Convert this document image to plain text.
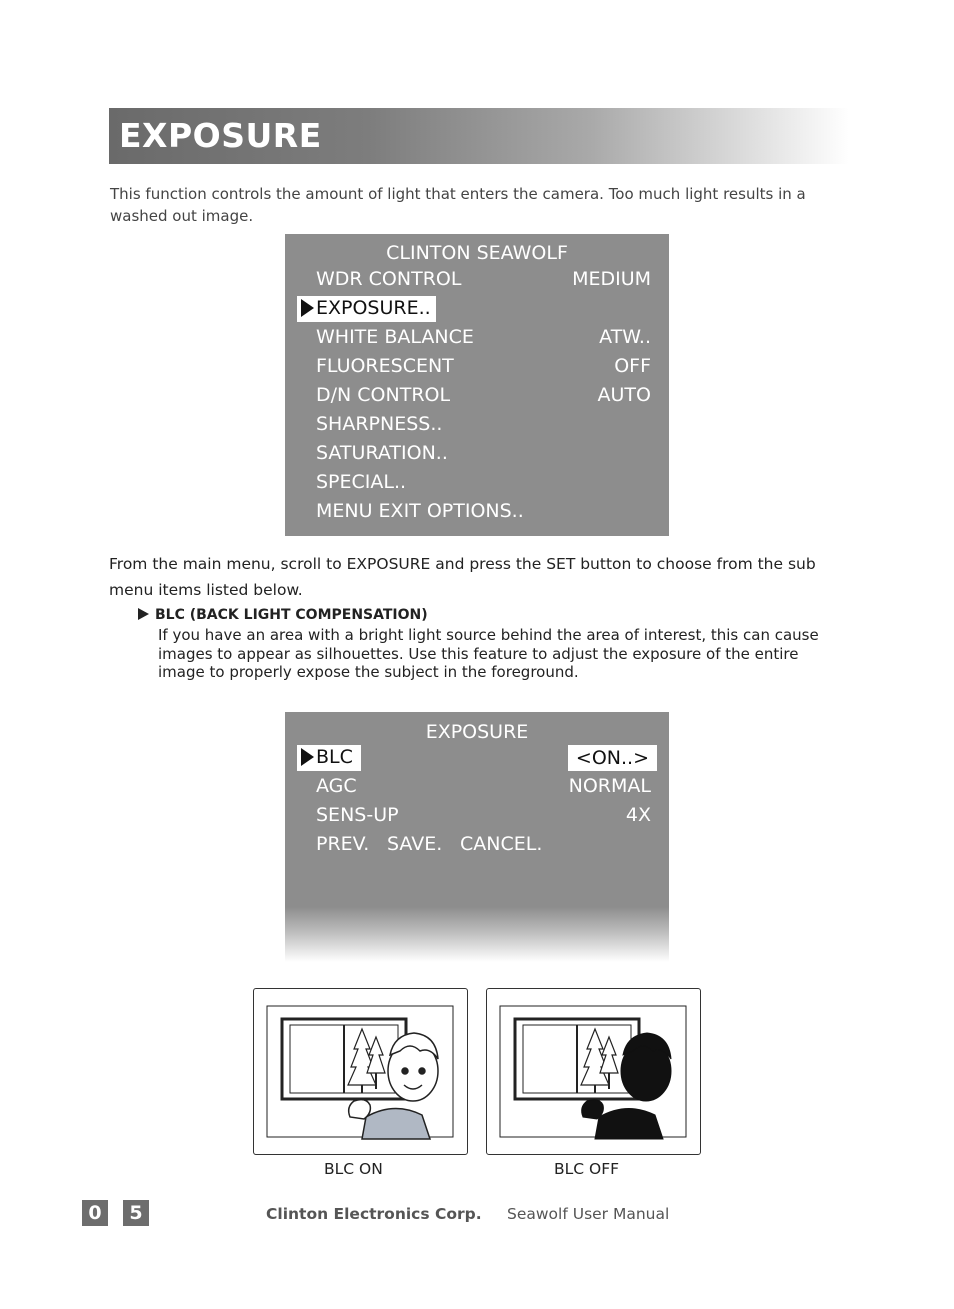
EXPOSURE
This function controls the amount of light that enters the camera. Too much light results in a washed out image.
CLINTON SEAWOLF
WDR CONTROL	MEDIUM
EXPOSURE..
WHITE BALANCE	ATW..
FLUORESCENT	OFF
D/N CONTROL	AUTO
SHARPNESS..
SATURATION..
SPECIAL..
MENU EXIT OPTIONS..
From the main menu, scroll to EXPOSURE and press the SET button to choose from the sub menu items listed below.
BLC (BACK LIGHT COMPENSATION)
If you have an area with a bright light source behind the area of interest, this can cause images to appear as silhouettes. Use this feature to adjust the exposure of the entire image to properly expose the subject in the foreground.
EXPOSURE
BLC	<ON..>
AGC	NORMAL
SENS-UP	4X
PREV. SAVE. CANCEL.
BLC ON	BLC OFF
0	5	Clinton Electronics Corp. Seawolf User Manual
